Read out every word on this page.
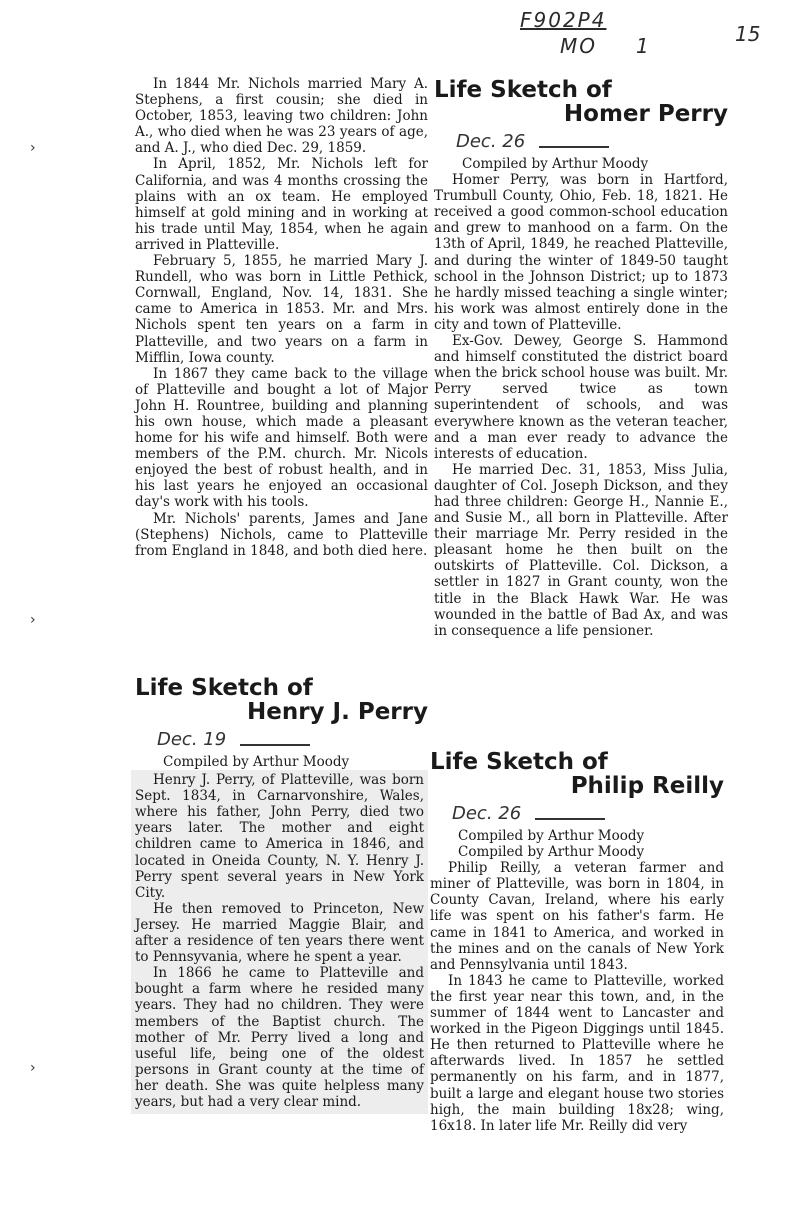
F902P4
MO 1	15
›
›
›

In 1844 Mr. Nichols married Mary A. Stephens, a first cousin; she died in October, 1853, leaving two children: John A., who died when he was 23 years of age, and A. J., who died Dec. 29, 1859.

In April, 1852, Mr. Nichols left for California, and was 4 months crossing the plains with an ox team. He employed himself at gold mining and in working at his trade until May, 1854, when he again arrived in Platteville.

February 5, 1855, he married Mary J. Rundell, who was born in Little Pethick, Cornwall, England, Nov. 14, 1831. She came to America in 1853. Mr. and Mrs. Nichols spent ten years on a farm in Platteville, and two years on a farm in Mifflin, Iowa county.

In 1867 they came back to the village of Platteville and bought a lot of Major John H. Rountree, building and planning his own house, which made a pleasant home for his wife and himself. Both were members of the P.M. church. Mr. Nicols enjoyed the best of robust health, and in his last years he enjoyed an occasional day's work with his tools.

Mr. Nichols' parents, James and Jane (Stephens) Nichols, came to Platteville from England in 1848, and both died here.

Life Sketch of
Homer Perry
Dec. 26

Compiled by Arthur Moody

Homer Perry, was born in Hartford, Trumbull County, Ohio, Feb. 18, 1821. He received a good common-school education and grew to manhood on a farm. On the 13th of April, 1849, he reached Platteville, and during the winter of 1849-50 taught school in the Johnson District; up to 1873 he hardly missed teaching a single winter; his work was almost entirely done in the city and town of Platteville.

Ex-Gov. Dewey, George S. Hammond and himself constituted the district board when the brick school house was built. Mr. Perry served twice as town superintendent of schools, and was everywhere known as the veteran teacher, and a man ever ready to advance the interests of education.

He married Dec. 31, 1853, Miss Julia, daughter of Col. Joseph Dickson, and they had three children: George H., Nannie E., and Susie M., all born in Platteville. After their marriage Mr. Perry resided in the pleasant home he then built on the outskirts of Platteville. Col. Dickson, a settler in 1827 in Grant county, won the title in the Black Hawk War. He was wounded in the battle of Bad Ax, and was in consequence a life pensioner.

Life Sketch of
Henry J. Perry
Dec. 19

Compiled by Arthur Moody

Henry J. Perry, of Platteville, was born Sept. 1834, in Carnarvonshire, Wales, where his father, John Perry, died two years later. The mother and eight children came to America in 1846, and located in Oneida County, N. Y. Henry J. Perry spent several years in New York City.

He then removed to Princeton, New Jersey. He married Maggie Blair, and after a residence of ten years there went to Pennsyvania, where he spent a year.

In 1866 he came to Platteville and bought a farm where he resided many years. They had no children. They were members of the Baptist church. The mother of Mr. Perry lived a long and useful life, being one of the oldest persons in Grant county at the time of her death. She was quite helpless many years, but had a very clear mind.

Life Sketch of
Philip Reilly
Dec. 26

Compiled by Arthur Moody

Compiled by Arthur Moody

Philip Reilly, a veteran farmer and miner of Platteville, was born in 1804, in County Cavan, Ireland, where his early life was spent on his father's farm. He came in 1841 to America, and worked in the mines and on the canals of New York and Pennsylvania until 1843.

In 1843 he came to Platteville, worked the first year near this town, and, in the summer of 1844 went to Lancaster and worked in the Pigeon Diggings until 1845. He then returned to Platteville where he afterwards lived. In 1857 he settled permanently on his farm, and in 1877, built a large and elegant house two stories high, the main building 18x28; wing, 16x18. In later life Mr. Reilly did very
